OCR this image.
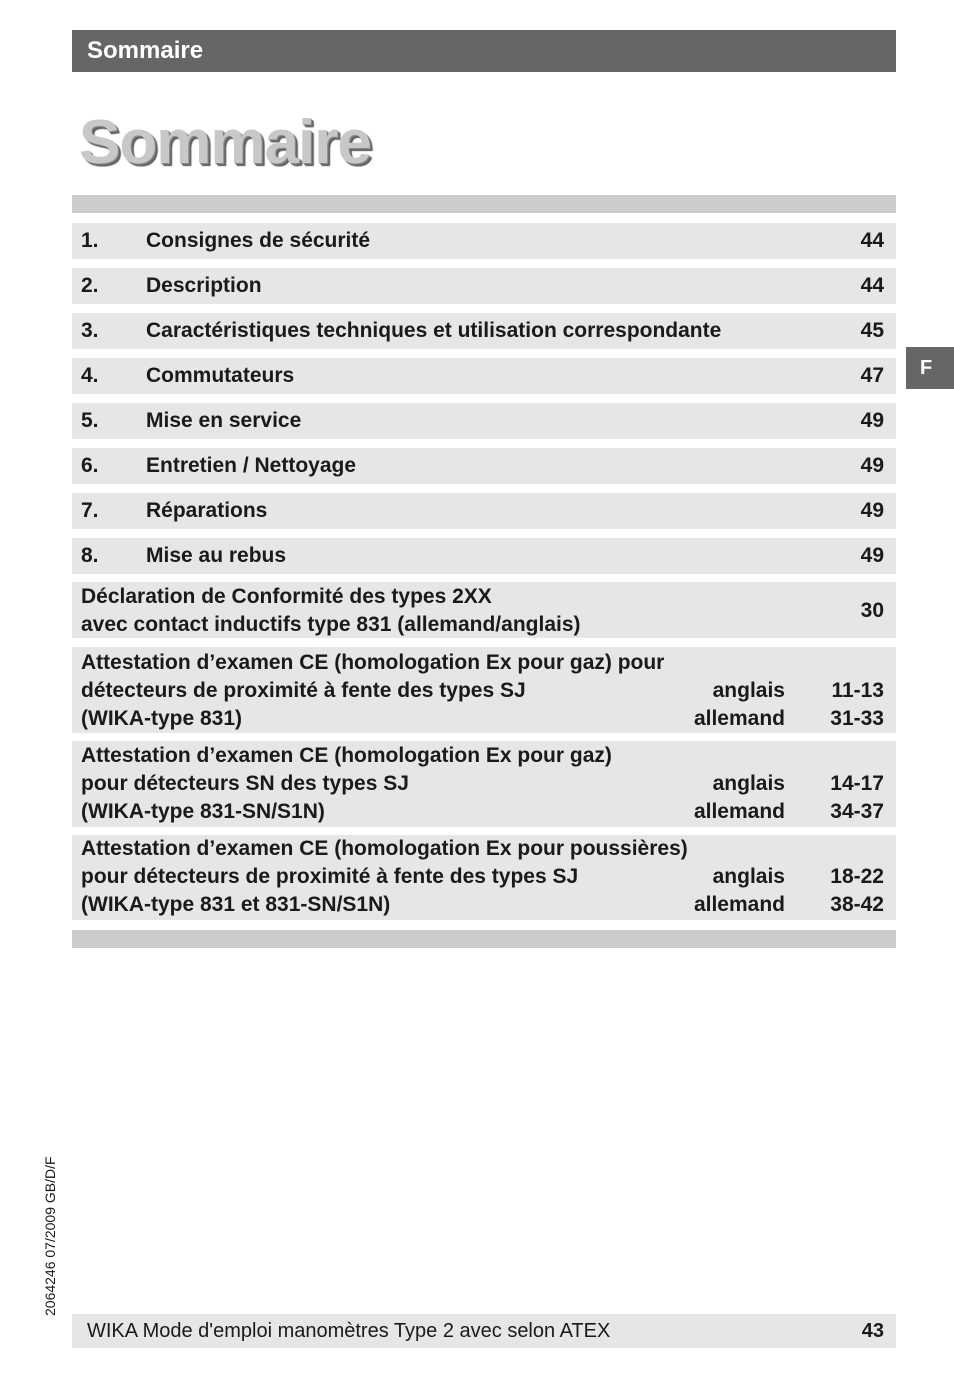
Sommaire
Sommaire
1. Consignes de sécurité	44
2. Description	44
3. Caractéristiques techniques et utilisation correspondante	45
4. Commutateurs	47
5. Mise en service	49
6. Entretien / Nettoyage	49
7. Réparations	49
8. Mise au rebus	49
Déclaration de Conformité des types 2XX
avec contact inductifs type 831 (allemand/anglais)
30
Attestation d’examen CE (homologation Ex pour gaz) pour
détecteurs de proximité à fente des types SJ
(WIKA-type 831)
anglais 11-13
allemand 31-33
Attestation d’examen CE (homologation Ex pour gaz)
pour détecteurs SN des types SJ
(WIKA-type 831-SN/S1N)
anglais 14-17
allemand 34-37
Attestation d’examen CE (homologation Ex pour poussières)
pour détecteurs de proximité à fente des types SJ
(WIKA-type 831 et 831-SN/S1N)
anglais 18-22
allemand 38-42
F
2064246 07/2009 GB/D/F
WIKA Mode d'emploi manomètres Type 2 avec selon ATEX	43
